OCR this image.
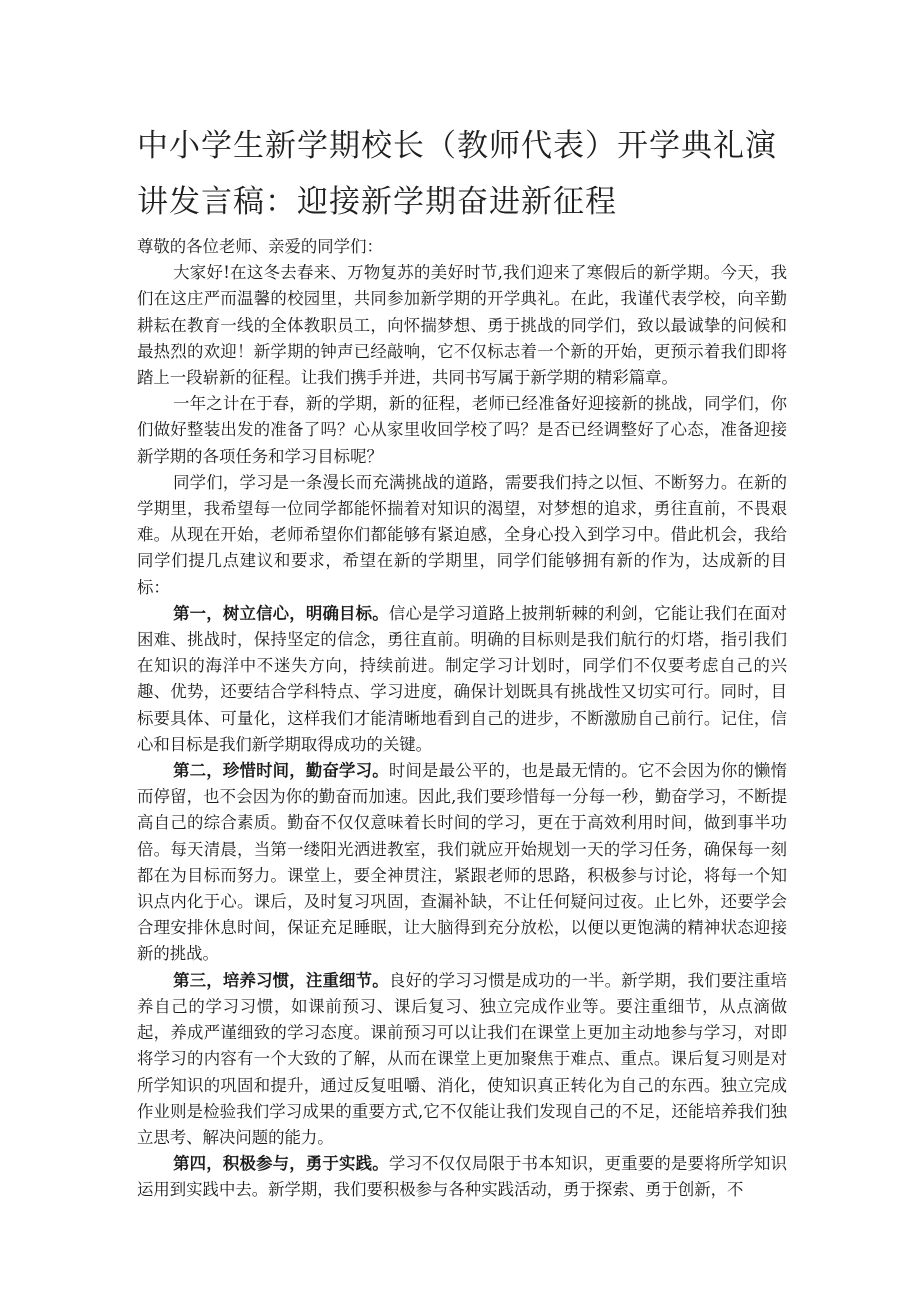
中小学生新学期校长（教师代表）开学典礼演讲发言稿：迎接新学期奋进新征程

尊敬的各位老师、亲爱的同学们：

大家好!在这冬去春来、万物复苏的美好时节,我们迎来了寒假后的新学期。今天，我们在这庄严而温馨的校园里，共同参加新学期的开学典礼。在此，我谨代表学校，向辛勤耕耘在教育一线的全体教职员工，向怀揣梦想、勇于挑战的同学们，致以最诚挚的问候和最热烈的欢迎！新学期的钟声已经敲响，它不仅标志着一个新的开始，更预示着我们即将踏上一段崭新的征程。让我们携手并进，共同书写属于新学期的精彩篇章。

一年之计在于春，新的学期，新的征程，老师已经准备好迎接新的挑战，同学们，你们做好整装出发的准备了吗？心从家里收回学校了吗？是否已经调整好了心态，准备迎接新学期的各项任务和学习目标呢？

同学们，学习是一条漫长而充满挑战的道路，需要我们持之以恒、不断努力。在新的学期里，我希望每一位同学都能怀揣着对知识的渴望，对梦想的追求，勇往直前，不畏艰难。从现在开始，老师希望你们都能够有紧迫感，全身心投入到学习中。借此机会，我给同学们提几点建议和要求，希望在新的学期里，同学们能够拥有新的作为，达成新的目标：

第一，树立信心，明确目标。信心是学习道路上披荆斩棘的利剑，它能让我们在面对困难、挑战时，保持坚定的信念，勇往直前。明确的目标则是我们航行的灯塔，指引我们在知识的海洋中不迷失方向，持续前进。制定学习计划时，同学们不仅要考虑自己的兴趣、优势，还要结合学科特点、学习进度，确保计划既具有挑战性又切实可行。同时，目标要具体、可量化，这样我们才能清晰地看到自己的进步，不断激励自己前行。记住，信心和目标是我们新学期取得成功的关键。

第二，珍惜时间，勤奋学习。时间是最公平的，也是最无情的。它不会因为你的懒惰而停留，也不会因为你的勤奋而加速。因此,我们要珍惜每一分每一秒，勤奋学习，不断提高自己的综合素质。勤奋不仅仅意味着长时间的学习，更在于高效利用时间，做到事半功倍。每天清晨，当第一缕阳光洒进教室，我们就应开始规划一天的学习任务，确保每一刻都在为目标而努力。课堂上，要全神贯注，紧跟老师的思路，积极参与讨论，将每一个知识点内化于心。课后，及时复习巩固，查漏补缺，不让任何疑问过夜。止匕外，还要学会合理安排休息时间，保证充足睡眠，让大脑得到充分放松，以便以更饱满的精神状态迎接新的挑战。

第三，培养习惯，注重细节。良好的学习习惯是成功的一半。新学期，我们要注重培养自己的学习习惯，如课前预习、课后复习、独立完成作业等。要注重细节，从点滴做起，养成严谨细致的学习态度。课前预习可以让我们在课堂上更加主动地参与学习，对即将学习的内容有一个大致的了解，从而在课堂上更加聚焦于难点、重点。课后复习则是对所学知识的巩固和提升，通过反复咀嚼、消化，使知识真正转化为自己的东西。独立完成作业则是检验我们学习成果的重要方式,它不仅能让我们发现自己的不足，还能培养我们独立思考、解决问题的能力。

第四，积极参与，勇于实践。学习不仅仅局限于书本知识，更重要的是要将所学知识运用到实践中去。新学期，我们要积极参与各种实践活动，勇于探索、勇于创新，不
